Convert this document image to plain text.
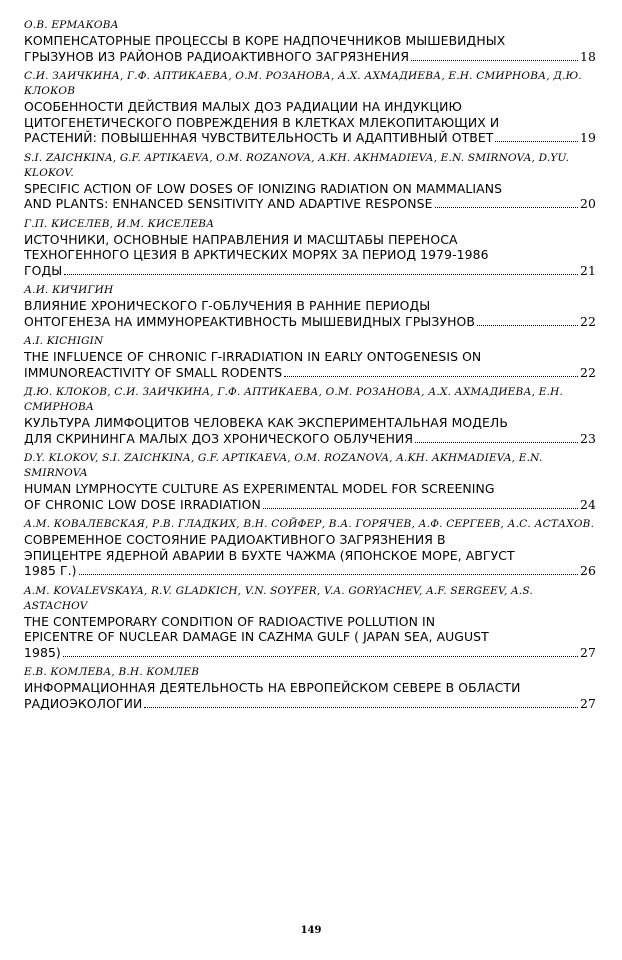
О.В. ЕРМАКОВА
КОМПЕНСАТОРНЫЕ ПРОЦЕССЫ В КОРЕ НАДПОЧЕЧНИКОВ МЫШЕВИДНЫХ
ГРЫЗУНОВ ИЗ РАЙОНОВ РАДИОАКТИВНОГО ЗАГРЯЗНЕНИЯ	18
С.И. ЗАИЧКИНА, Г.Ф. АПТИКАЕВА, О.М. РОЗАНОВА, А.Х. АХМАДИЕВА, Е.Н. СМИРНОВА, Д.Ю.
КЛОКОВ
ОСОБЕННОСТИ ДЕЙСТВИЯ МАЛЫХ ДОЗ РАДИАЦИИ НА ИНДУКЦИЮ
ЦИТОГЕНЕТИЧЕСКОГО ПОВРЕЖДЕНИЯ В КЛЕТКАХ МЛЕКОПИТАЮЩИХ И
РАСТЕНИЙ: ПОВЫШЕННАЯ ЧУВСТВИТЕЛЬНОСТЬ И АДАПТИВНЫЙ ОТВЕТ	19
S.I. ZAICHKINA, G.F. APTIKAEVA, O.M. ROZANOVA, A.KH. AKHMADIEVA, E.N. SMIRNOVA, D.YU.
KLOKOV.
SPECIFIC ACTION OF LOW DOSES OF IONIZING RADIATION ON MAMMALIANS
AND PLANTS: ENHANCED SENSITIVITY AND ADAPTIVE RESPONSE	20
Г.П. КИСЕЛЕВ, И.М. КИСЕЛЕВА
ИСТОЧНИКИ, ОСНОВНЫЕ НАПРАВЛЕНИЯ И МАСШТАБЫ ПЕРЕНОСА
ТЕХНОГЕННОГО ЦЕЗИЯ В АРКТИЧЕСКИХ МОРЯХ ЗА ПЕРИОД 1979-1986
ГОДЫ	21
А.И. КИЧИГИН
ВЛИЯНИЕ ХРОНИЧЕСКОГО Γ-ОБЛУЧЕНИЯ В РАННИЕ ПЕРИОДЫ
ОНТОГЕНЕЗА НА ИММУНОРЕАКТИВНОСТЬ МЫШЕВИДНЫХ ГРЫЗУНОВ	22
A.I. KICHIGIN
THE INFLUENCE OF CHRONIC Γ-IRRADIATION IN EARLY ONTOGENESIS ON
IMMUNOREACTIVITY OF SMALL RODENTS	22
Д.Ю. КЛОКОВ, С.И. ЗАИЧКИНА, Г.Ф. АПТИКАЕВА, О.М. РОЗАНОВА, А.Х. АХМАДИЕВА, Е.Н.
СМИРНОВА
КУЛЬТУРА ЛИМФОЦИТОВ ЧЕЛОВЕКА КАК ЭКСПЕРИМЕНТАЛЬНАЯ МОДЕЛЬ
ДЛЯ СКРИНИНГА МАЛЫХ ДОЗ ХРОНИЧЕСКОГО ОБЛУЧЕНИЯ	23
D.Y. KLOKOV, S.I. ZAICHKINA, G.F. APTIKAEVA, O.M. ROZANOVA, A.KH. AKHMADIEVA, E.N.
SMIRNOVA
HUMAN LYMPHOCYTE CULTURE AS EXPERIMENTAL MODEL FOR SCREENING
OF CHRONIC LOW DOSE IRRADIATION	24
А.М. КОВАЛЕВСКАЯ, Р.В. ГЛАДКИХ, В.Н. СОЙФЕР, В.А. ГОРЯЧЕВ, А.Ф. СЕРГЕЕВ, А.С. АСТАХОВ.
СОВРЕМЕННОЕ СОСТОЯНИЕ РАДИОАКТИВНОГО ЗАГРЯЗНЕНИЯ В
ЭПИЦЕНТРЕ ЯДЕРНОЙ АВАРИИ В БУХТЕ ЧАЖМА (ЯПОНСКОЕ МОРЕ, АВГУСТ
1985 Г.)	26
A.M. KOVALEVSKAYA, R.V. GLADKICH, V.N. SOYFER, V.A. GORYACHEV, A.F. SERGEEV, A.S.
ASTACHOV
THE CONTEMPORARY CONDITION OF RADIOACTIVE POLLUTION IN
EPICENTRE OF NUCLEAR DAMAGE IN CAZHMA GULF ( JAPAN SEA, AUGUST
1985)	27
Е.В. КОМЛЕВА, В.Н. КОМЛЕВ
ИНФОРМАЦИОННАЯ ДЕЯТЕЛЬНОСТЬ НА ЕВРОПЕЙСКОМ СЕВЕРЕ В ОБЛАСТИ
РАДИОЭКОЛОГИИ	27
149
